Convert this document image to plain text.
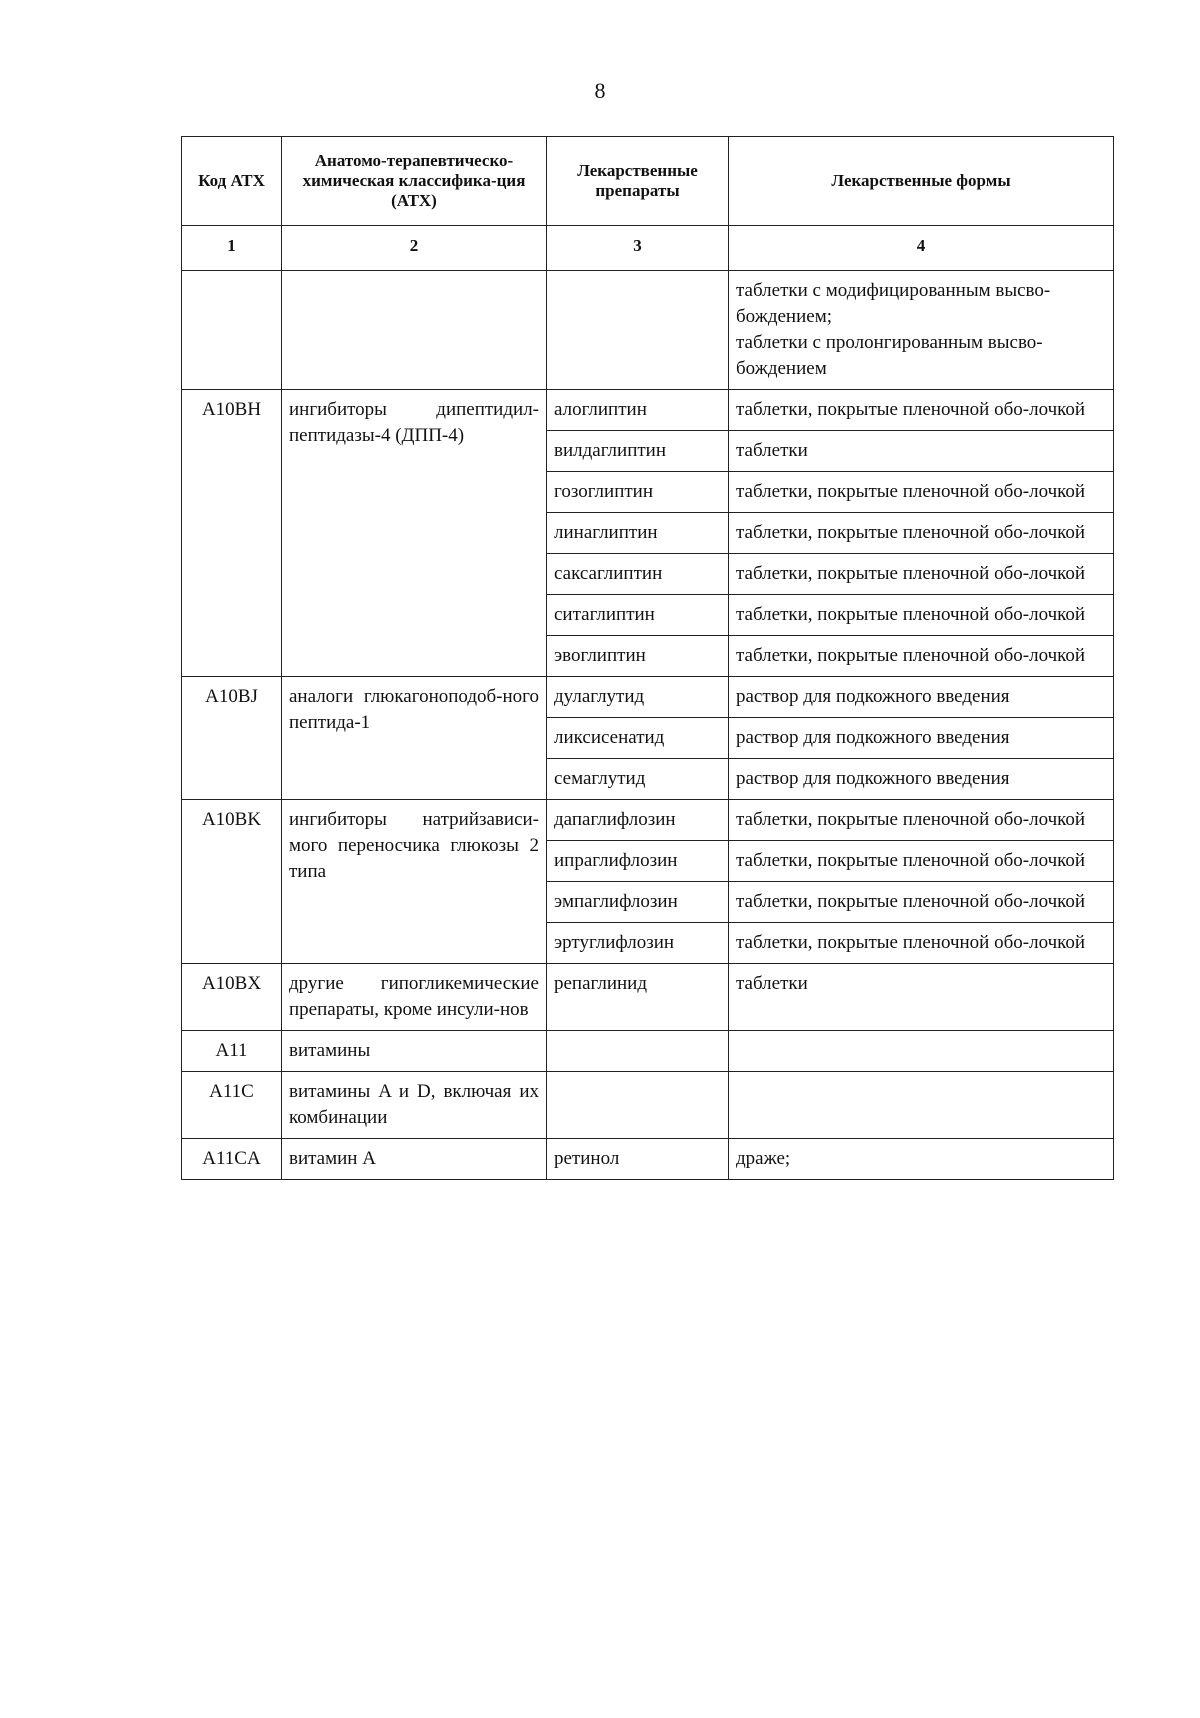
8
Код АТХ	Анатомо-терапевтическо-химическая классифика-ция (АТХ)	Лекарственные препараты	Лекарственные формы
1	2	3	4
			таблетки с модифицированным высво-бождением;
таблетки с пролонгированным высво-бождением
A10BH	ингибиторы дипептидил-пептидазы-4 (ДПП-4)	алоглиптин	таблетки, покрытые пленочной обо-лочкой
		вилдаглиптин	таблетки
		гозоглиптин	таблетки, покрытые пленочной обо-лочкой
		линаглиптин	таблетки, покрытые пленочной обо-лочкой
		саксаглиптин	таблетки, покрытые пленочной обо-лочкой
		ситаглиптин	таблетки, покрытые пленочной обо-лочкой
		эвоглиптин	таблетки, покрытые пленочной обо-лочкой
A10BJ	аналоги глюкагоноподоб-ного пептида-1	дулаглутид	раствор для подкожного введения
		ликсисенатид	раствор для подкожного введения
		семаглутид	раствор для подкожного введения
A10BK	ингибиторы натрийзависи-мого переносчика глюкозы 2 типа	дапаглифлозин	таблетки, покрытые пленочной обо-лочкой
		ипраглифлозин	таблетки, покрытые пленочной обо-лочкой
		эмпаглифлозин	таблетки, покрытые пленочной обо-лочкой
		эртуглифлозин	таблетки, покрытые пленочной обо-лочкой
A10BX	другие гипогликемические препараты, кроме инсули-нов	репаглинид	таблетки
A11	витамины		
A11C	витамины A и D, включая их комбинации		
A11CA	витамин A	ретинол	драже;
